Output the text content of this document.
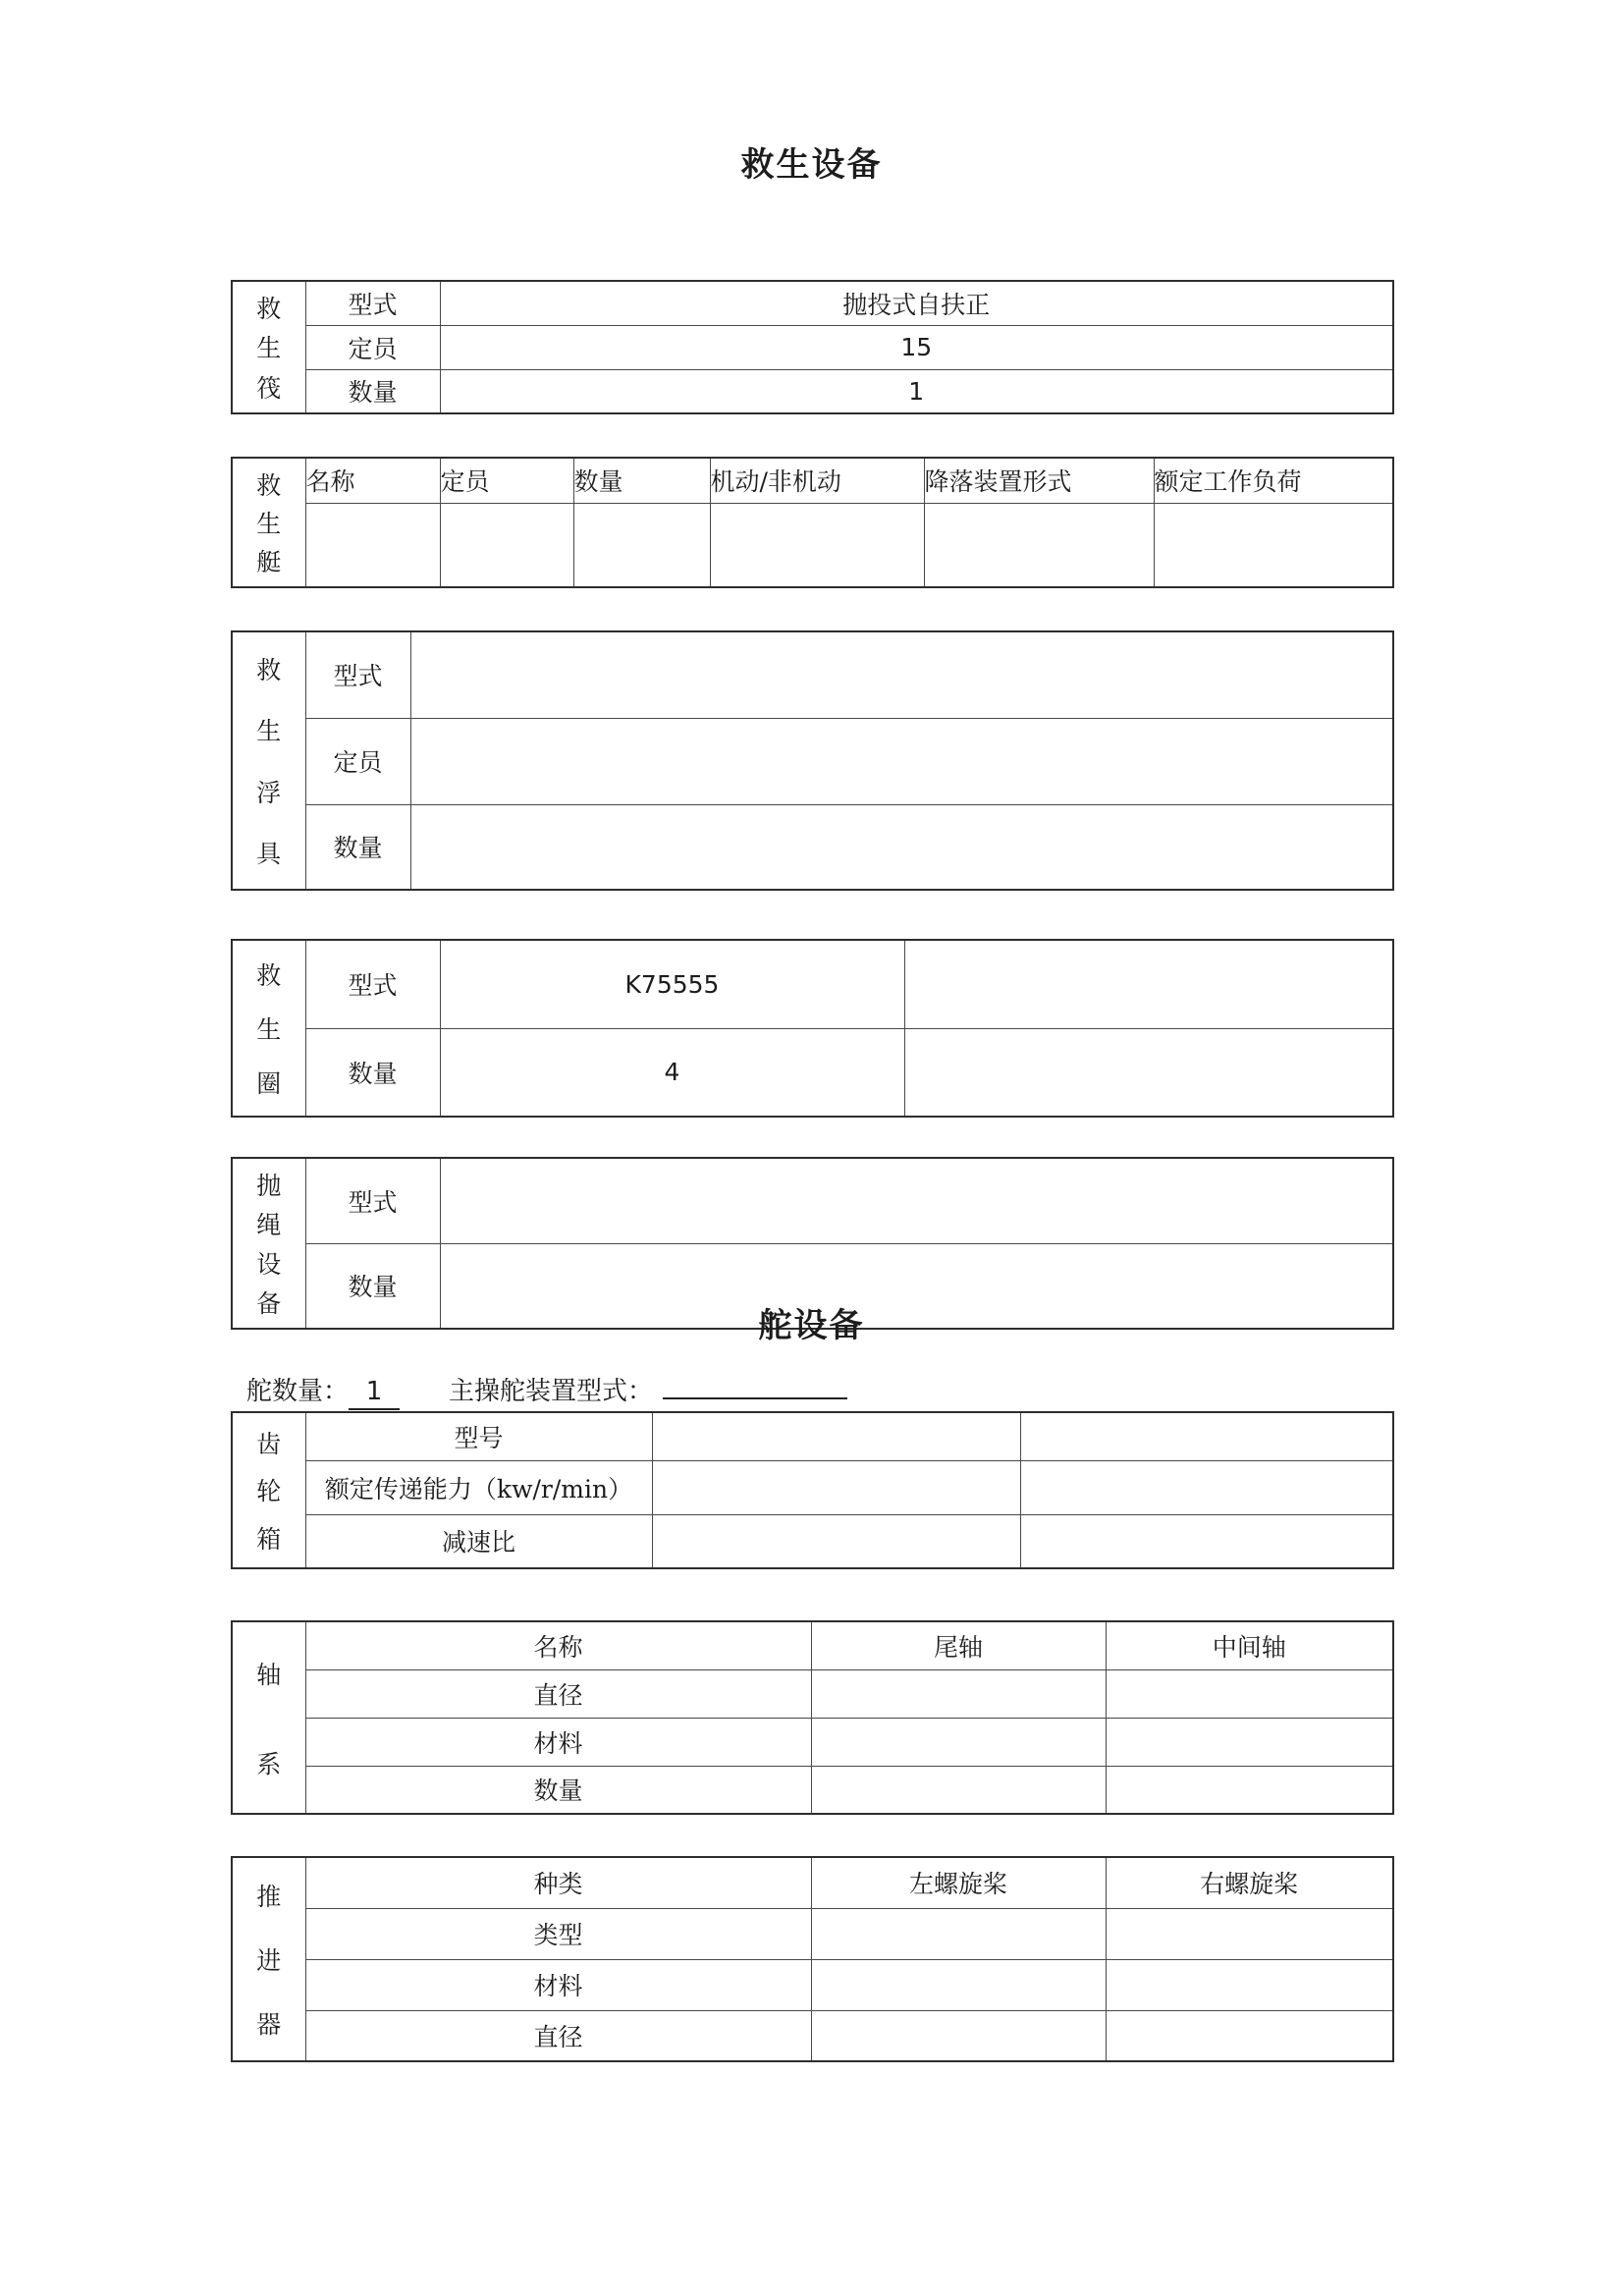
救生设备
救
生
筏	型式	抛投式自扶正
	定员	15
	数量	1
救
生
艇	名称	定员	数量	机动/非机动	降落装置形式	额定工作负荷

救
生
浮
具	型式	
	定员	
	数量	
救
生
圈	型式	K75555	
	数量	4	
抛
绳
设
备	型式	
	数量	
舵设备
舵数量： 1	主操舵装置型式：
齿
轮
箱	型号		
	额定传递能力（kw/r/min）		
	减速比		
轴
系	名称	尾轴	中间轴
	直径		
	材料		
	数量		
推
进
器	种类	左螺旋桨	右螺旋桨
	类型		
	材料		
	直径		
